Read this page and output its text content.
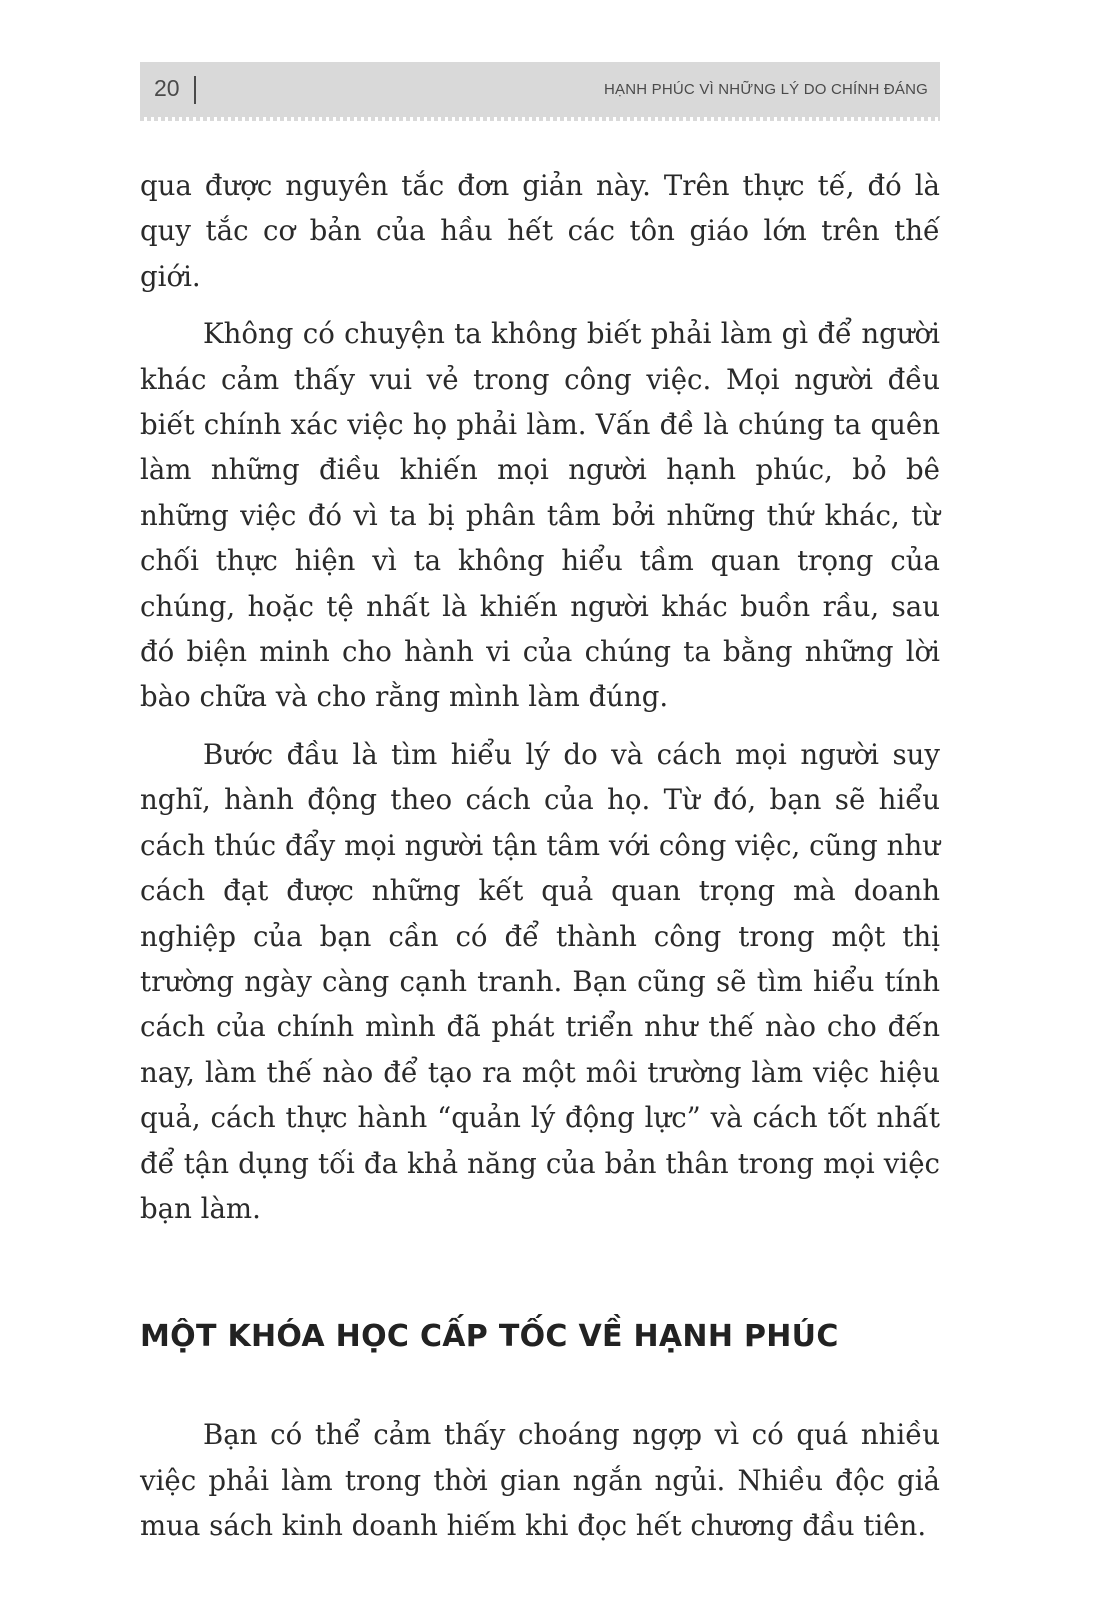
20	HẠNH PHÚC VÌ NHỮNG LÝ DO CHÍNH ĐÁNG

qua được nguyên tắc đơn giản này. Trên thực tế, đó là quy tắc cơ bản của hầu hết các tôn giáo lớn trên thế giới.

Không có chuyện ta không biết phải làm gì để người khác cảm thấy vui vẻ trong công việc. Mọi người đều biết chính xác việc họ phải làm. Vấn đề là chúng ta quên làm những điều khiến mọi người hạnh phúc, bỏ bê những việc đó vì ta bị phân tâm bởi những thứ khác, từ chối thực hiện vì ta không hiểu tầm quan trọng của chúng, hoặc tệ nhất là khiến người khác buồn rầu, sau đó biện minh cho hành vi của chúng ta bằng những lời bào chữa và cho rằng mình làm đúng.

Bước đầu là tìm hiểu lý do và cách mọi người suy nghĩ, hành động theo cách của họ. Từ đó, bạn sẽ hiểu cách thúc đẩy mọi người tận tâm với công việc, cũng như cách đạt được những kết quả quan trọng mà doanh nghiệp của bạn cần có để thành công trong một thị trường ngày càng cạnh tranh. Bạn cũng sẽ tìm hiểu tính cách của chính mình đã phát triển như thế nào cho đến nay, làm thế nào để tạo ra một môi trường làm việc hiệu quả, cách thực hành “quản lý động lực” và cách tốt nhất để tận dụng tối đa khả năng của bản thân trong mọi việc bạn làm.

MỘT KHÓA HỌC CẤP TỐC VỀ HẠNH PHÚC

Bạn có thể cảm thấy choáng ngợp vì có quá nhiều việc phải làm trong thời gian ngắn ngủi. Nhiều độc giả mua sách kinh doanh hiếm khi đọc hết chương đầu tiên.
